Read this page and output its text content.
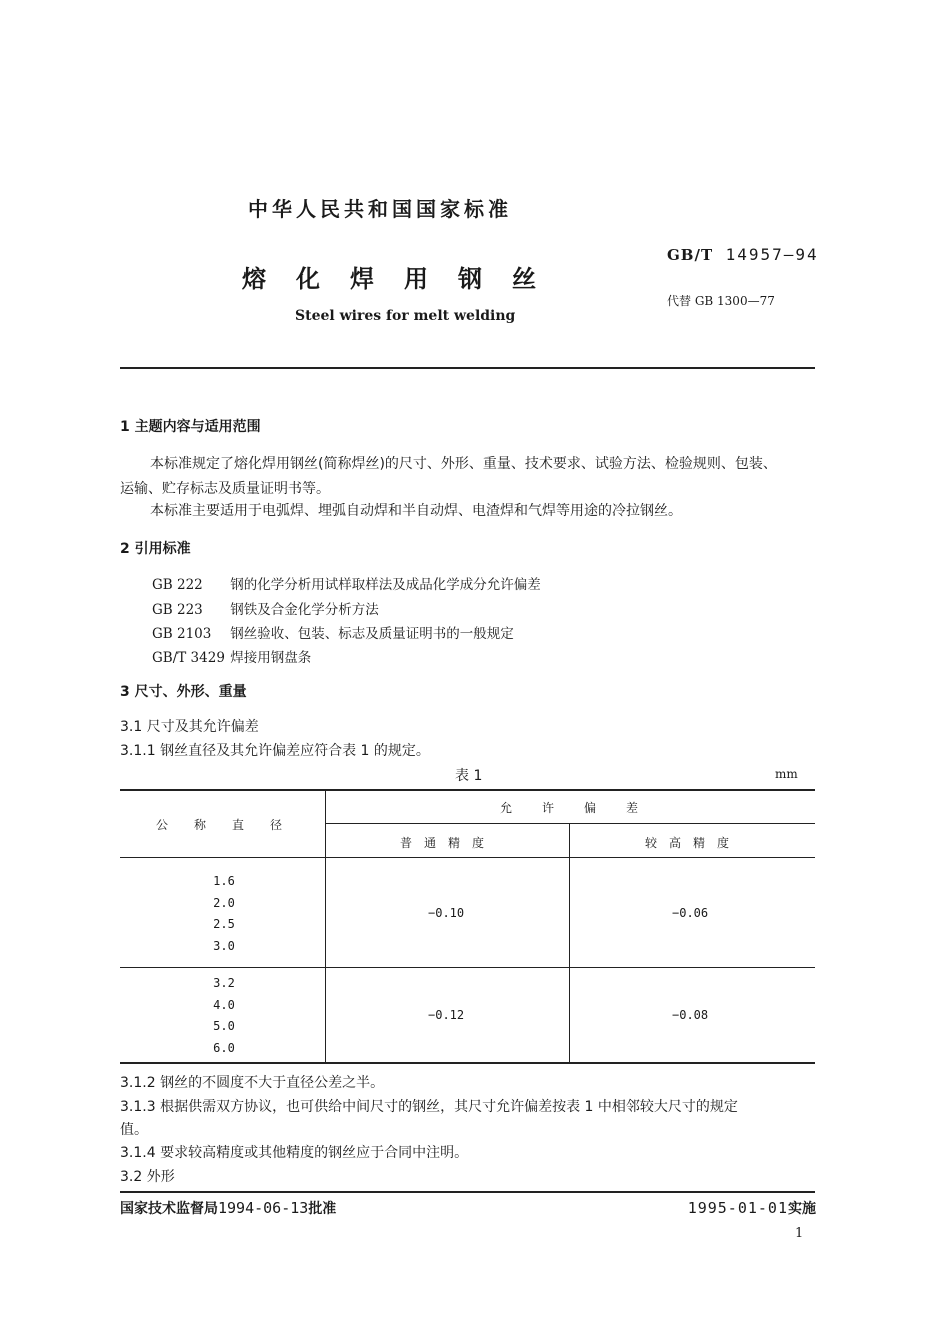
中华人民共和国国家标准
熔化焊用钢丝
Steel wires for melt welding
GB/T 14957—94
代替 GB 1300—77
1 主题内容与适用范围
本标准规定了熔化焊用钢丝(简称焊丝)的尺寸、外形、重量、技术要求、试验方法、检验规则、包装、
运输、贮存标志及质量证明书等。
本标准主要适用于电弧焊、埋弧自动焊和半自动焊、电渣焊和气焊等用途的冷拉钢丝。
2 引用标准
GB 222 钢的化学分析用试样取样法及成品化学成分允许偏差
GB 223 钢铁及合金化学分析方法
GB 2103 钢丝验收、包装、标志及质量证明书的一般规定
GB/T 3429 焊接用钢盘条
3 尺寸、外形、重量
3.1 尺寸及其允许偏差
3.1.1 钢丝直径及其允许偏差应符合表 1 的规定。
表 1	mm
公称直径
允许偏差
普通精度	较高精度
1.6
2.0
2.5
3.0
−0.10	−0.06
3.2
4.0
5.0
6.0
−0.12	−0.08
3.1.2 钢丝的不圆度不大于直径公差之半。
3.1.3 根据供需双方协议，也可供给中间尺寸的钢丝，其尺寸允许偏差按表 1 中相邻较大尺寸的规定
值。
3.1.4 要求较高精度或其他精度的钢丝应于合同中注明。
3.2 外形
国家技术监督局1994-06-13批准	1995-01-01实施
1
